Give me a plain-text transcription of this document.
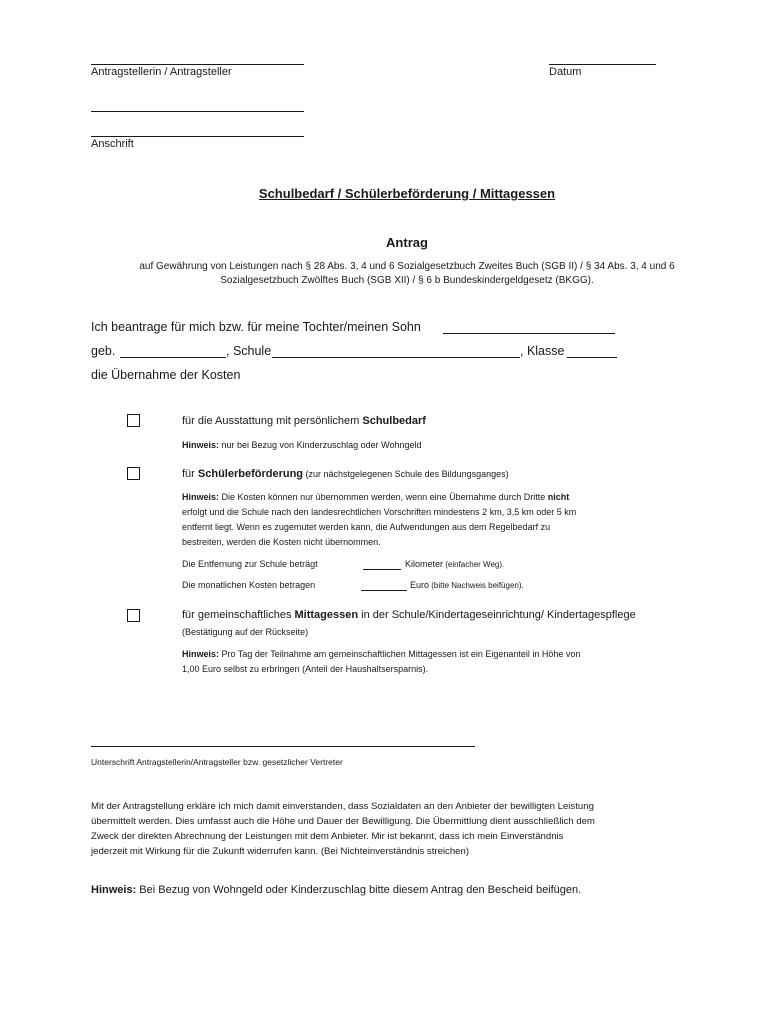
Antragstellerin / Antragsteller	Datum
Anschrift
Schulbedarf / Schülerbeförderung / Mittagessen
Antrag
auf Gewährung von Leistungen nach § 28 Abs. 3, 4 und 6 Sozialgesetzbuch Zweites Buch (SGB II) / § 34 Abs. 3, 4 und 6
Sozialgesetzbuch Zwölftes Buch (SGB XII) / § 6 b Bundeskindergeldgesetz (BKGG).
Ich beantrage für mich bzw. für meine Tochter/meinen Sohn
geb.	, Schule	, Klasse
die Übernahme der Kosten
für die Ausstattung mit persönlichem Schulbedarf
Hinweis: nur bei Bezug von Kinderzuschlag oder Wohngeld
für Schülerbeförderung (zur nächstgelegenen Schule des Bildungsganges)
Hinweis: Die Kosten können nur übernommen werden, wenn eine Übernahme durch Dritte nicht
erfolgt und die Schule nach den landesrechtlichen Vorschriften mindestens 2 km, 3,5 km oder 5 km
entfernt liegt. Wenn es zugemutet werden kann, die Aufwendungen aus dem Regelbedarf zu
bestreiten, werden die Kosten nicht übernommen.
Die Entfernung zur Schule beträgt	Kilometer (einfacher Weg).
Die monatlichen Kosten betragen	Euro (bitte Nachweis beifügen).
für gemeinschaftliches Mittagessen in der Schule/Kindertageseinrichtung/ Kindertagespflege
(Bestätigung auf der Rückseite)
Hinweis: Pro Tag der Teilnahme am gemeinschaftlichen Mittagessen ist ein Eigenanteil in Höhe von
1,00 Euro selbst zu erbringen (Anteil der Haushaltsersparnis).
Unterschrift Antragstellerin/Antragsteller bzw. gesetzlicher Vertreter
Mit der Antragstellung erkläre ich mich damit einverstanden, dass Sozialdaten an den Anbieter der bewilligten Leistung
übermittelt werden. Dies umfasst auch die Höhe und Dauer der Bewilligung. Die Übermittlung dient ausschließlich dem
Zweck der direkten Abrechnung der Leistungen mit dem Anbieter. Mir ist bekannt, dass ich mein Einverständnis
jederzeit mit Wirkung für die Zukunft widerrufen kann. (Bei Nichteinverständnis streichen)
Hinweis: Bei Bezug von Wohngeld oder Kinderzuschlag bitte diesem Antrag den Bescheid beifügen.
